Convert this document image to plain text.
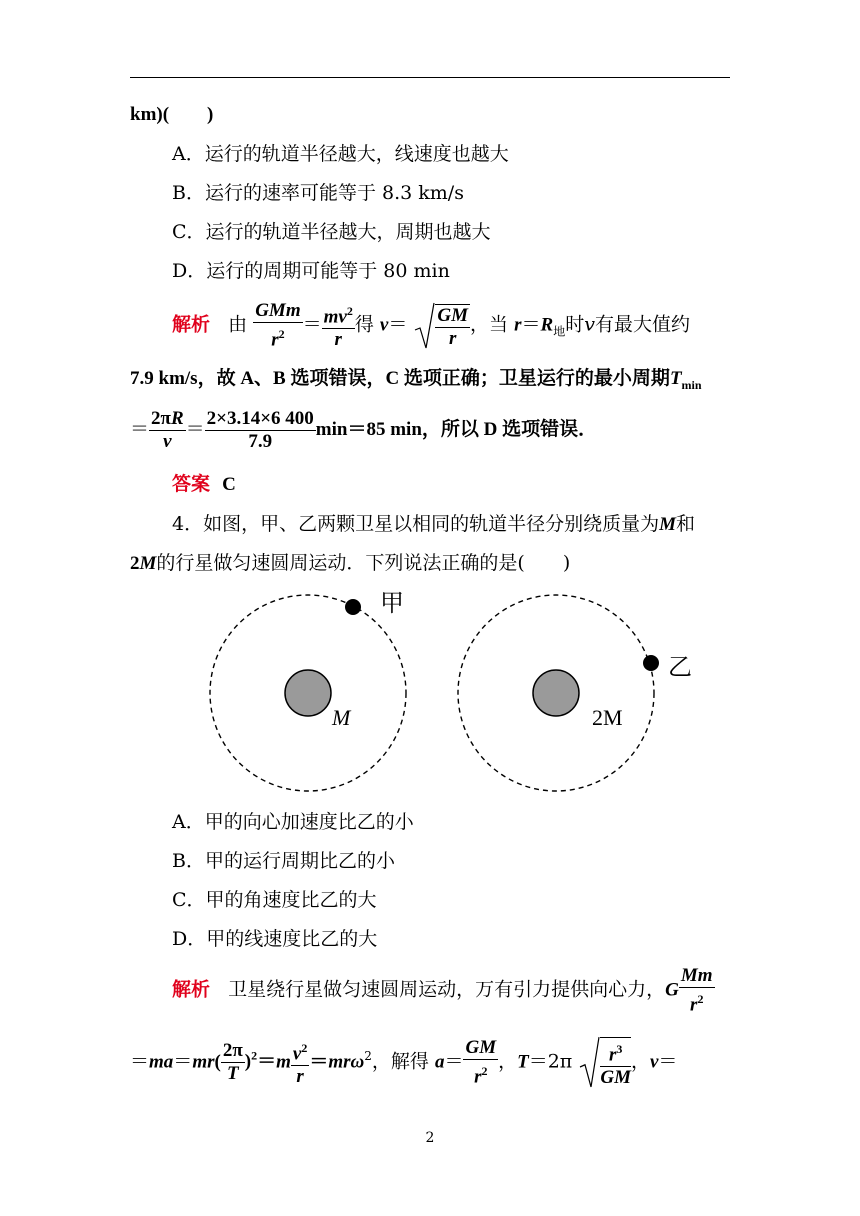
km)(　　)
A．运行的轨道半径越大，线速度也越大
B．运行的速率可能等于 8.3 km/s
C．运行的轨道半径越大，周期也越大
D．运行的周期可能等于 80 min
解析 由 $\frac{\text{GMm}}{r^2} = \frac{mv^2}{r}$ 得 $v= \frac{GM}{r}$ ，当 $r=R_地$时v有最大值约
7.9 km/s，故 A、B 选项错误，C 选项正确；卫星运行的最小周期$T_{min}$
＝ $\frac{2\pi R}{v} = \frac{2\times 3.14\times 6 400}{7.9} \min=85$ min，所以 D 选项错误．
答案 C
4．如图，甲、乙两颗卫星以相同的轨道半径分别绕质量为M和
2M的行星做匀速圆周运动．下列说法正确的是(　　)
甲
M
乙
2M
A．甲的向心加速度比乙的小
B．甲的运行周期比乙的小
C．甲的角速度比乙的大
D．甲的线速度比乙的大
解析 卫星绕行星做匀速圆周运动，万有引力提供向心力，G $\frac{Mm}{r^2}$
$=ma=mr( \frac{2\pi}{T} )^2=m \frac{v^2}{r} =mr\omega^2$，解得 $a= \frac{GM}{r^2}$ ，$T=2\pi \frac{r^3}{GM}$ ，v＝
2
